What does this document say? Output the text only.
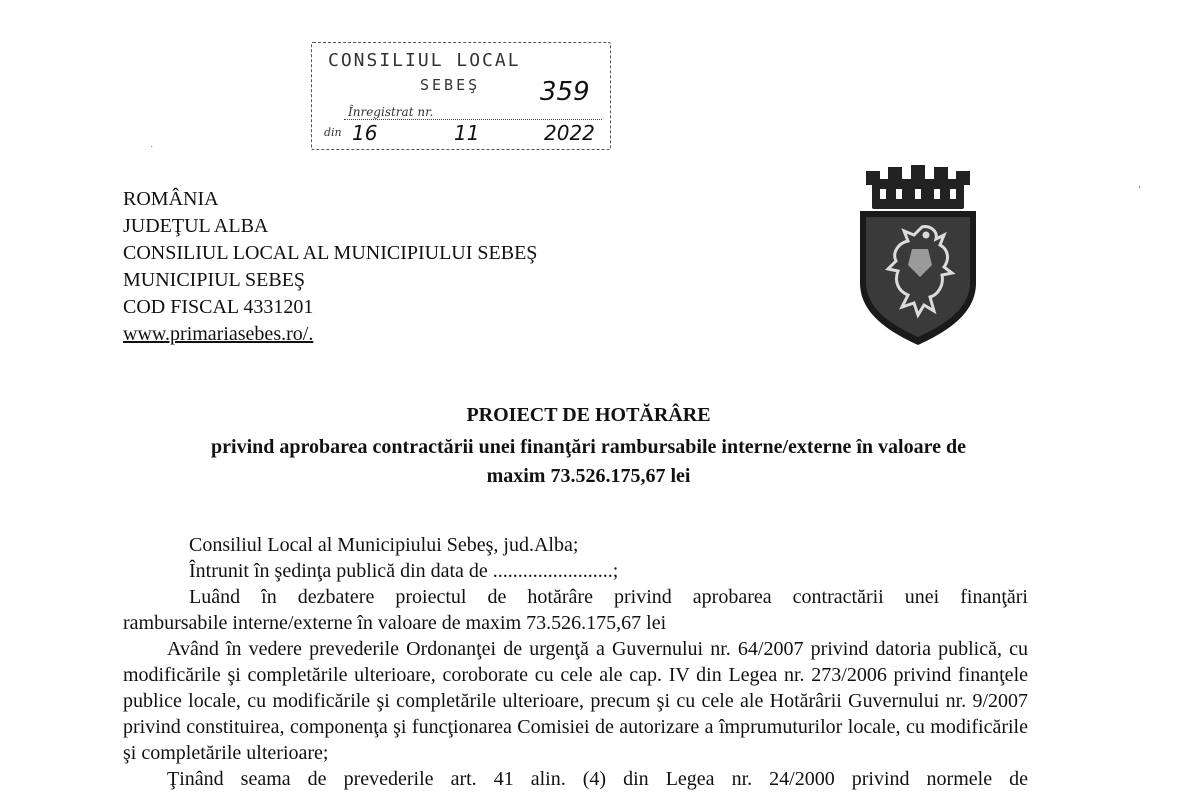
CONSILIUL LOCAL
SEBEŞ 359
Înregistrat nr.
din 16	11	2022
·
ˌ
ROMÂNIA
JUDEŢUL ALBA
CONSILIUL LOCAL AL MUNICIPIULUI SEBEŞ
MUNICIPIUL SEBEŞ
COD FISCAL 4331201
www.primariasebes.ro/.
PROIECT DE HOTĂRÂRE
privind aprobarea contractării unei finanţări rambursabile interne/externe în valoare de
maxim 73.526.175,67 lei
Consiliul Local al Municipiului Sebeş, jud.Alba;
Întrunit în şedinţa publică din data de ........................;
Luând în dezbatere proiectul de hotărâre privind aprobarea contractării unei finanţări
rambursabile interne/externe în valoare de maxim 73.526.175,67 lei
Având în vedere prevederile Ordonanţei de urgenţă a Guvernului nr. 64/2007 privind datoria publică, cu modificările şi completările ulterioare, coroborate cu cele ale cap. IV din Legea nr. 273/2006 privind finanţele publice locale, cu modificările şi completările ulterioare, precum şi cu cele ale Hotărârii Guvernului nr. 9/2007 privind constituirea, componenţa şi funcţionarea Comisiei de autorizare a împrumuturilor locale, cu modificările şi completările ulterioare;
Ţinând seama de prevederile art. 41 alin. (4) din Legea nr. 24/2000 privind normele de
